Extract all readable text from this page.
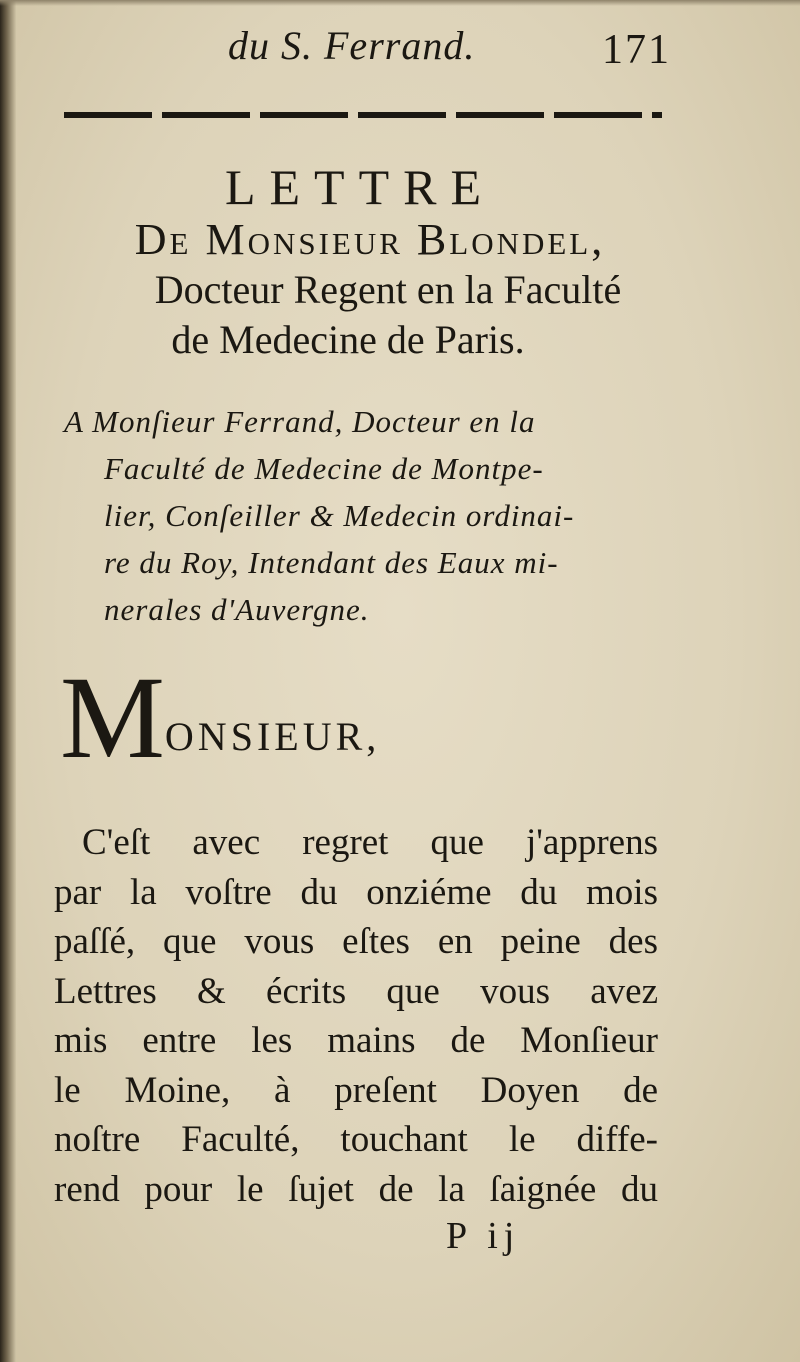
du S. Ferrand.	171
LETTRE
De Monsieur Blondel,
Docteur Regent en la Faculté
de Medecine de Paris.
A Monſieur Ferrand, Docteur en la
Faculté de Medecine de Montpe-
lier, Conſeiller & Medecin ordinai-
re du Roy, Intendant des Eaux mi-
nerales d'Auvergne.
MONSIEUR,
C'eſt avec regret que j'apprens
par la voſtre du onziéme du mois
paſſé, que vous eſtes en peine des
Lettres & écrits que vous avez
mis entre les mains de Monſieur
le Moine, à preſent Doyen de
noſtre Faculté, touchant le diffe-
rend pour le ſujet de la ſaignée du
P ij
